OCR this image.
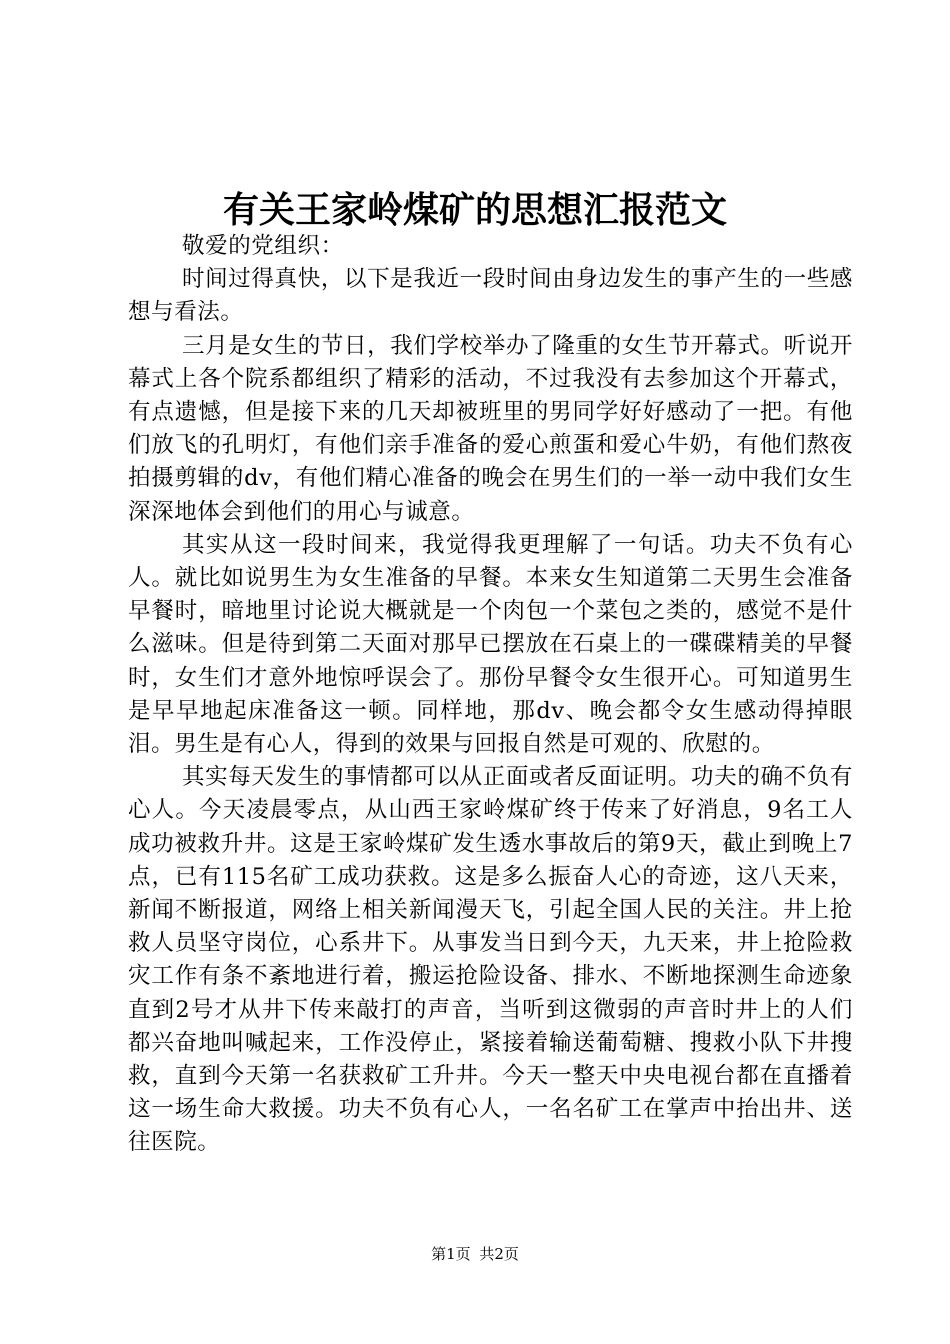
有关王家岭煤矿的思想汇报范文

敬爱的党组织：

时间过得真快，以下是我近一段时间由身边发生的事产生的一些感想与看法。

三月是女生的节日，我们学校举办了隆重的女生节开幕式。听说开幕式上各个院系都组织了精彩的活动，不过我没有去参加这个开幕式，有点遗憾，但是接下来的几天却被班里的男同学好好感动了一把。有他们放飞的孔明灯，有他们亲手准备的爱心煎蛋和爱心牛奶，有他们熬夜拍摄剪辑的dv，有他们精心准备的晚会在男生们的一举一动中我们女生深深地体会到他们的用心与诚意。

其实从这一段时间来，我觉得我更理解了一句话。功夫不负有心人。就比如说男生为女生准备的早餐。本来女生知道第二天男生会准备早餐时，暗地里讨论说大概就是一个肉包一个菜包之类的，感觉不是什么滋味。但是待到第二天面对那早已摆放在石桌上的一碟碟精美的早餐时，女生们才意外地惊呼误会了。那份早餐令女生很开心。可知道男生是早早地起床准备这一顿。同样地，那dv、晚会都令女生感动得掉眼泪。男生是有心人，得到的效果与回报自然是可观的、欣慰的。

其实每天发生的事情都可以从正面或者反面证明。功夫的确不负有心人。今天凌晨零点，从山西王家岭煤矿终于传来了好消息，9名工人成功被救升井。这是王家岭煤矿发生透水事故后的第9天，截止到晚上7点，已有115名矿工成功获救。这是多么振奋人心的奇迹，这八天来，新闻不断报道，网络上相关新闻漫天飞，引起全国人民的关注。井上抢救人员坚守岗位，心系井下。从事发当日到今天，九天来，井上抢险救灾工作有条不紊地进行着，搬运抢险设备、排水、不断地探测生命迹象直到2号才从井下传来敲打的声音，当听到这微弱的声音时井上的人们都兴奋地叫喊起来，工作没停止，紧接着输送葡萄糖、搜救小队下井搜救，直到今天第一名获救矿工升井。今天一整天中央电视台都在直播着这一场生命大救援。功夫不负有心人，一名名矿工在掌声中抬出井、送往医院。

第1页 共2页
